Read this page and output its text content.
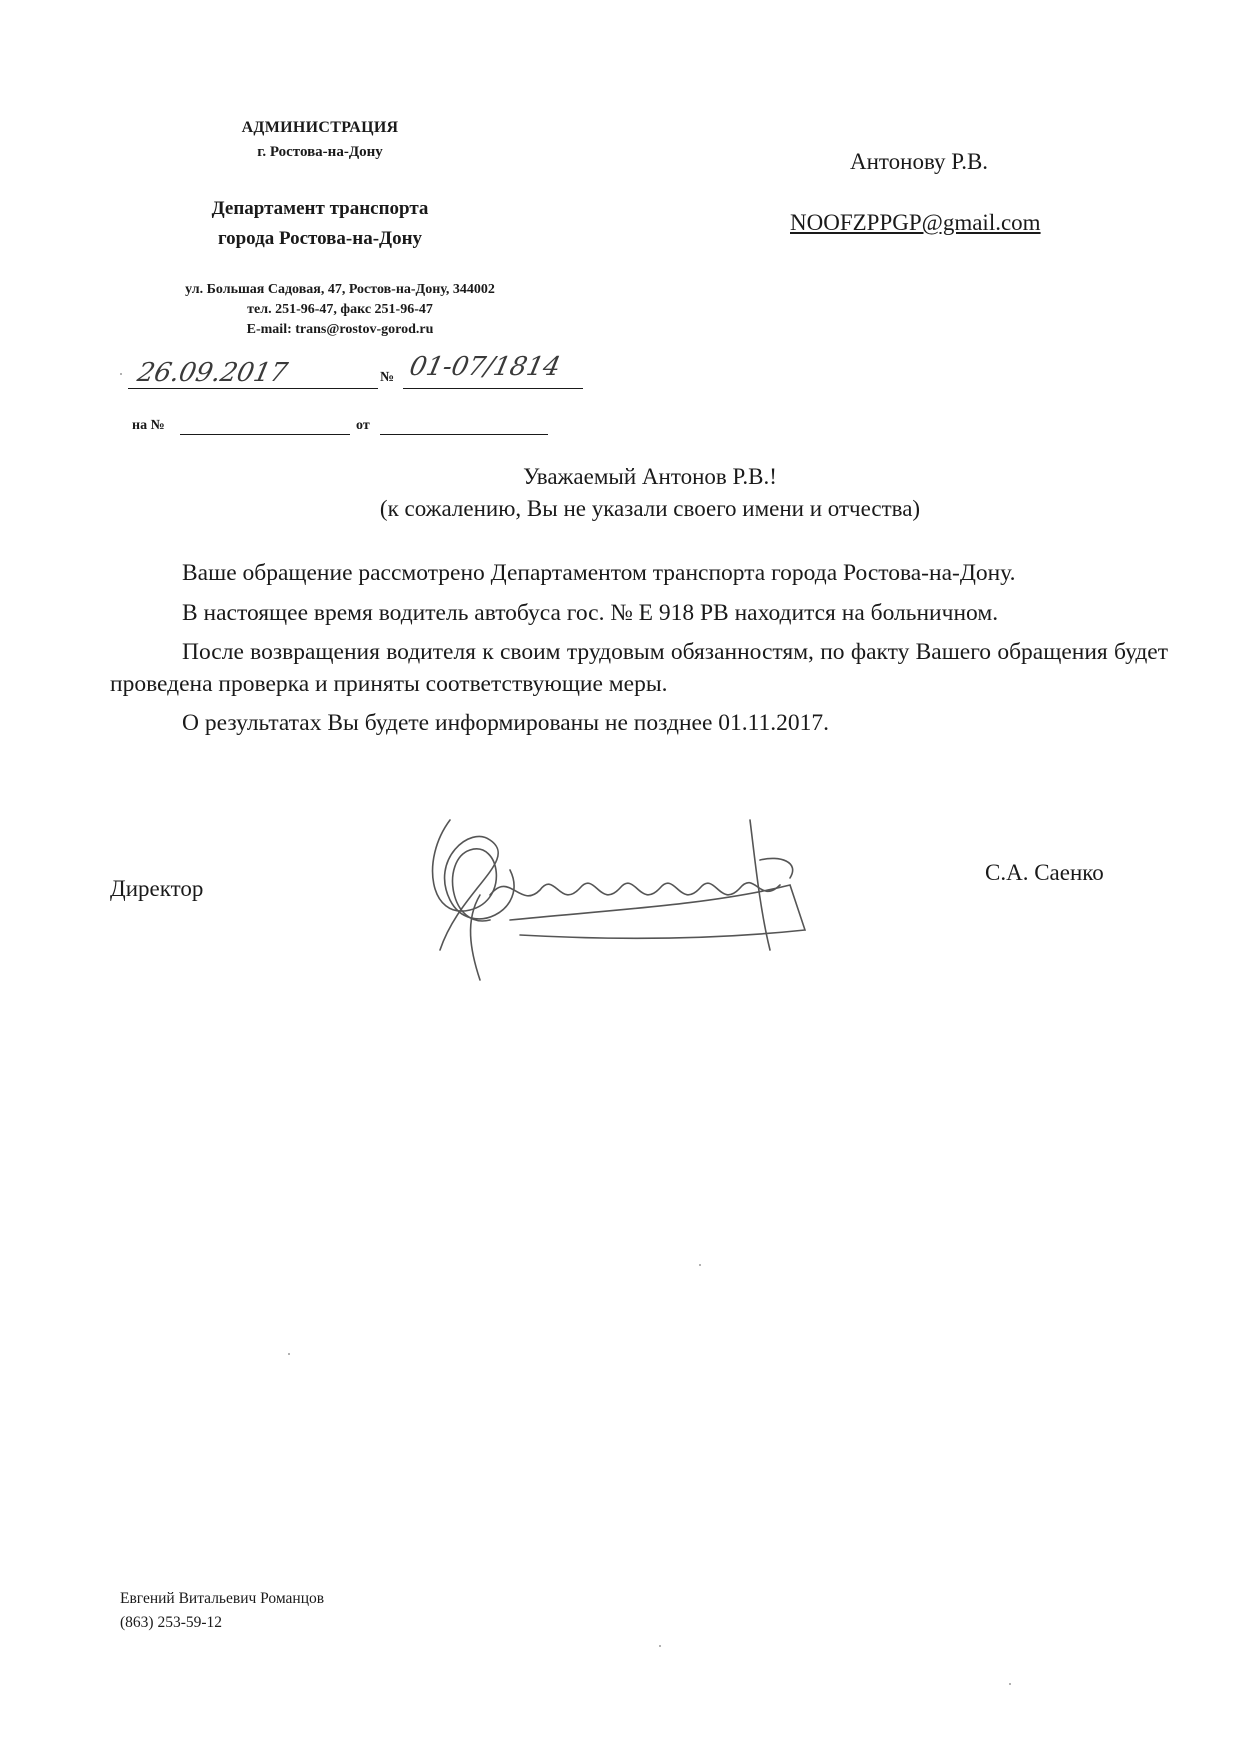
АДМИНИСТРАЦИЯ
г. Ростова-на-Дону
Департамент транспорта
города Ростова-на-Дону
ул. Большая Садовая, 47, Ростов-на-Дону, 344002
тел. 251-96-47, факс 251-96-47
E-mail: trans@rostov-gorod.ru
26.09.2017	№ 01-07/1814
на №	от
Антонову Р.В.
NOOFZPPGP@gmail.com
Уважаемый Антонов Р.В.!
(к сожалению, Вы не указали своего имени и отчества)

Ваше обращение рассмотрено Департаментом транспорта города Ростова-на-Дону.

В настоящее время водитель автобуса гос. № Е 918 РВ находится на больничном.

После возвращения водителя к своим трудовым обязанностям, по факту Вашего обращения будет проведена проверка и приняты соответствующие меры.

О результатах Вы будете информированы не позднее 01.11.2017.

Директор
С.А. Саенко
Евгений Витальевич Романцов
(863) 253-59-12
